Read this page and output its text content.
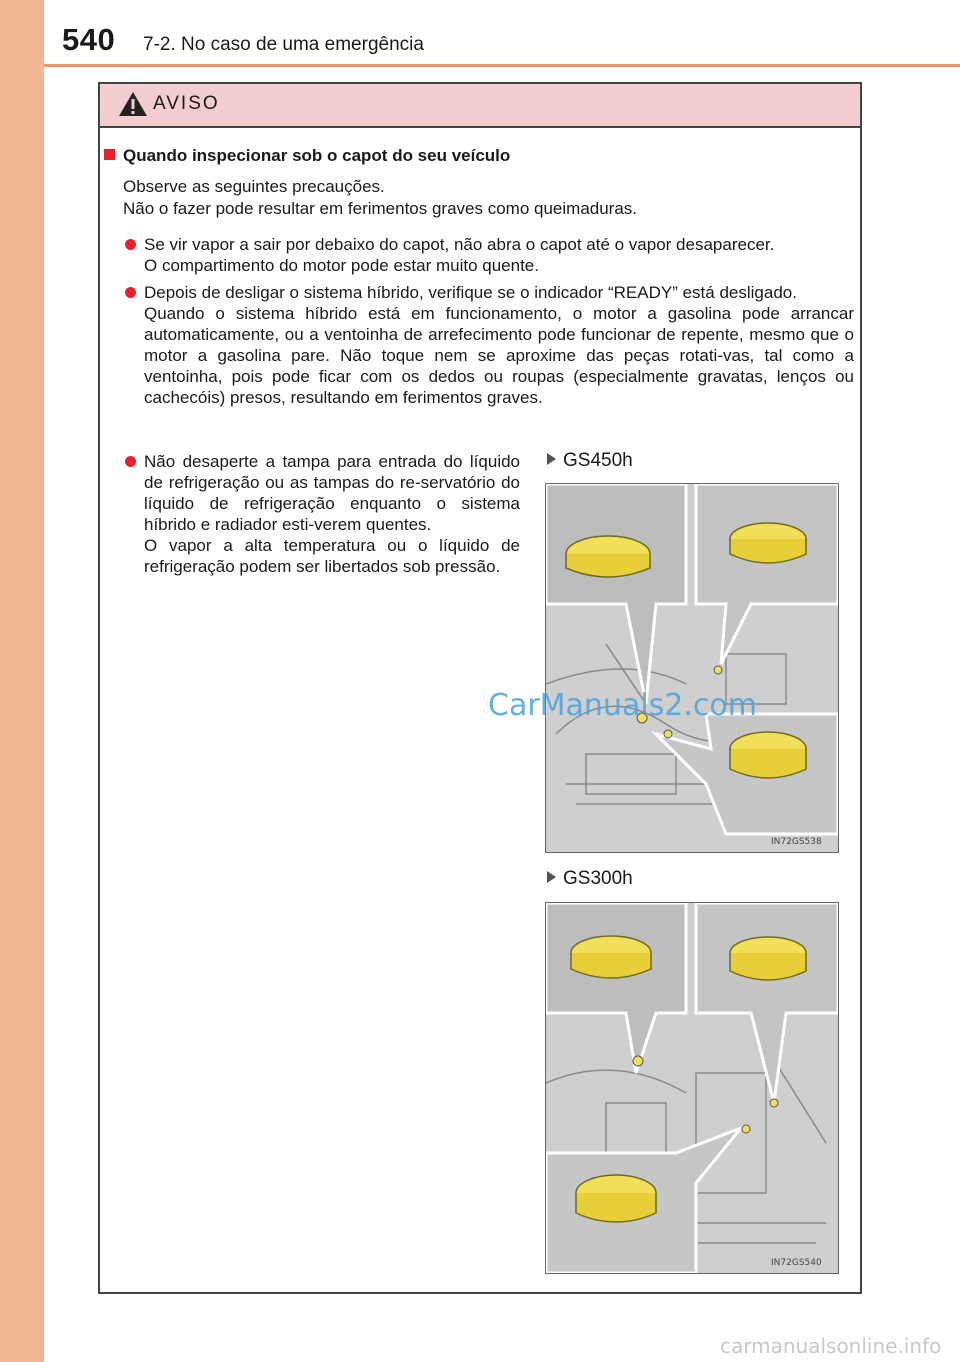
540 7-2. No caso de uma emergência
AVISO
Quando inspecionar sob o capot do seu veículo

Observe as seguintes precauções.

Não o fazer pode resultar em ferimentos graves como queimaduras.

Se vir vapor a sair por debaixo do capot, não abra o capot até o vapor desaparecer.

O compartimento do motor pode estar muito quente.

Depois de desligar o sistema híbrido, verifique se o indicador “READY” está desligado.

Quando o sistema híbrido está em funcionamento, o motor a gasolina pode arrancar automaticamente, ou a ventoinha de arrefecimento pode funcionar de repente, mesmo que o motor a gasolina pare. Não toque nem se aproxime das peças rotati-vas, tal como a ventoinha, pois pode ficar com os dedos ou roupas (especialmente gravatas, lenços ou cachecóis) presos, resultando em ferimentos graves.

Não desaperte a tampa para entrada do líquido de refrigeração ou as tampas do re-servatório do líquido de refrigeração enquanto o sistema híbrido e radiador esti-verem quentes.

O vapor a alta temperatura ou o líquido de refrigeração podem ser libertados sob pressão.

GS450h
IN72GS538
GS300h
IN72GS540
CarManuals2.com
carmanualsonline.info
